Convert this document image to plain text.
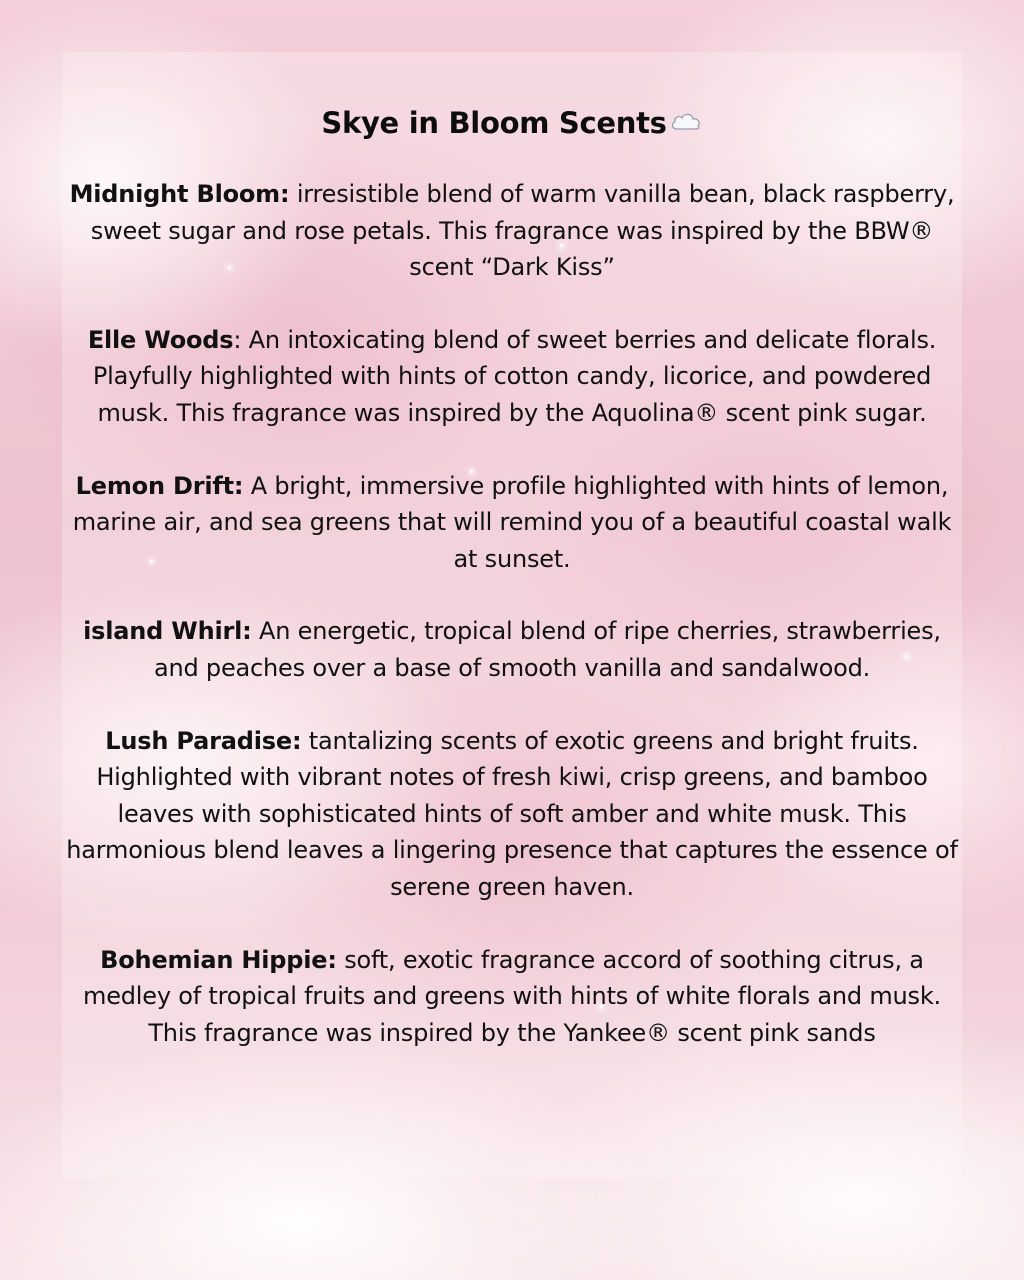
Skye in Bloom Scents

Midnight Bloom: irresistible blend of warm vanilla bean, black raspberry, sweet sugar and rose petals. This fragrance was inspired by the BBW® scent “Dark Kiss”

Elle Woods: An intoxicating blend of sweet berries and delicate florals. Playfully highlighted with hints of cotton candy, licorice, and powdered musk. This fragrance was inspired by the Aquolina® scent pink sugar.

Lemon Drift: A bright, immersive profile highlighted with hints of lemon, marine air, and sea greens that will remind you of a beautiful coastal walk at sunset.

island Whirl: An energetic, tropical blend of ripe cherries, strawberries, and peaches over a base of smooth vanilla and sandalwood.

Lush Paradise: tantalizing scents of exotic greens and bright fruits. Highlighted with vibrant notes of fresh kiwi, crisp greens, and bamboo leaves with sophisticated hints of soft amber and white musk. This harmonious blend leaves a lingering presence that captures the essence of serene green haven.

Bohemian Hippie: soft, exotic fragrance accord of soothing citrus, a medley of tropical fruits and greens with hints of white florals and musk. This fragrance was inspired by the Yankee® scent pink sands
